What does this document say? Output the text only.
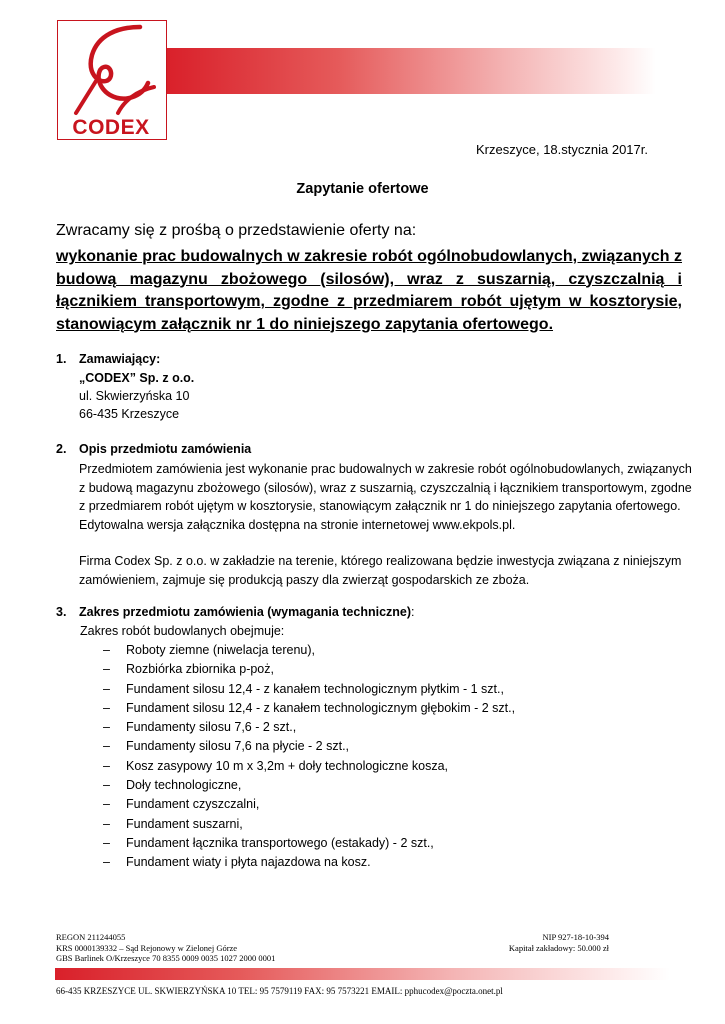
CODEX
Krzeszyce, 18.stycznia 2017r.
Zapytanie ofertowe
Zwracamy się z prośbą o przedstawienie oferty na:
wykonanie prac budowalnych w zakresie robót ogólnobudowlanych, związanych z budową magazynu zbożowego (silosów), wraz z suszarnią, czyszczalnią i łącznikiem transportowym, zgodne z przedmiarem robót ujętym w kosztorysie, stanowiącym załącznik nr 1 do niniejszego zapytania ofertowego.
1. Zamawiający:
„CODEX” Sp. z o.o.
ul. Skwierzyńska 10
66-435 Krzeszyce
2. Opis przedmiotu zamówienia
Przedmiotem zamówienia jest wykonanie prac budowalnych w zakresie robót ogólnobudowlanych, związanych
z budową magazynu zbożowego (silosów), wraz z suszarnią, czyszczalnią i łącznikiem transportowym, zgodne
z przedmiarem robót ujętym w kosztorysie, stanowiącym załącznik nr 1 do niniejszego zapytania ofertowego.
Edytowalna wersja załącznika dostępna na stronie internetowej www.ekpols.pl.
Firma Codex Sp. z o.o. w zakładzie na terenie, którego realizowana będzie inwestycja związana z niniejszym
zamówieniem, zajmuje się produkcją paszy dla zwierząt gospodarskich ze zboża.
3. Zakres przedmiotu zamówienia (wymagania techniczne):
Zakres robót budowlanych obejmuje:
– Roboty ziemne (niwelacja terenu),
– Rozbiórka zbiornika p-poż,
– Fundament silosu 12,4 - z kanałem technologicznym płytkim - 1 szt.,
– Fundament silosu 12,4 - z kanałem technologicznym głębokim - 2 szt.,
– Fundamenty silosu 7,6 - 2 szt.,
– Fundamenty silosu 7,6 na płycie - 2 szt.,
– Kosz zasypowy 10 m x 3,2m + doły technologiczne kosza,
– Doły technologiczne,
– Fundament czyszczalni,
– Fundament suszarni,
– Fundament łącznika transportowego (estakady) - 2 szt.,
– Fundament wiaty i płyta najazdowa na kosz.
REGON 211244055
KRS 0000139332 – Sąd Rejonowy w Zielonej Górze
GBS Barlinek O/Krzeszyce 70 8355 0009 0035 1027 2000 0001
NIP 927-18-10-394
Kapitał zakładowy: 50.000 zł
66-435 KRZESZYCE UL. SKWIERZYŃSKA 10 TEL: 95 7579119 FAX: 95 7573221 EMAIL: pphucodex@poczta.onet.pl
